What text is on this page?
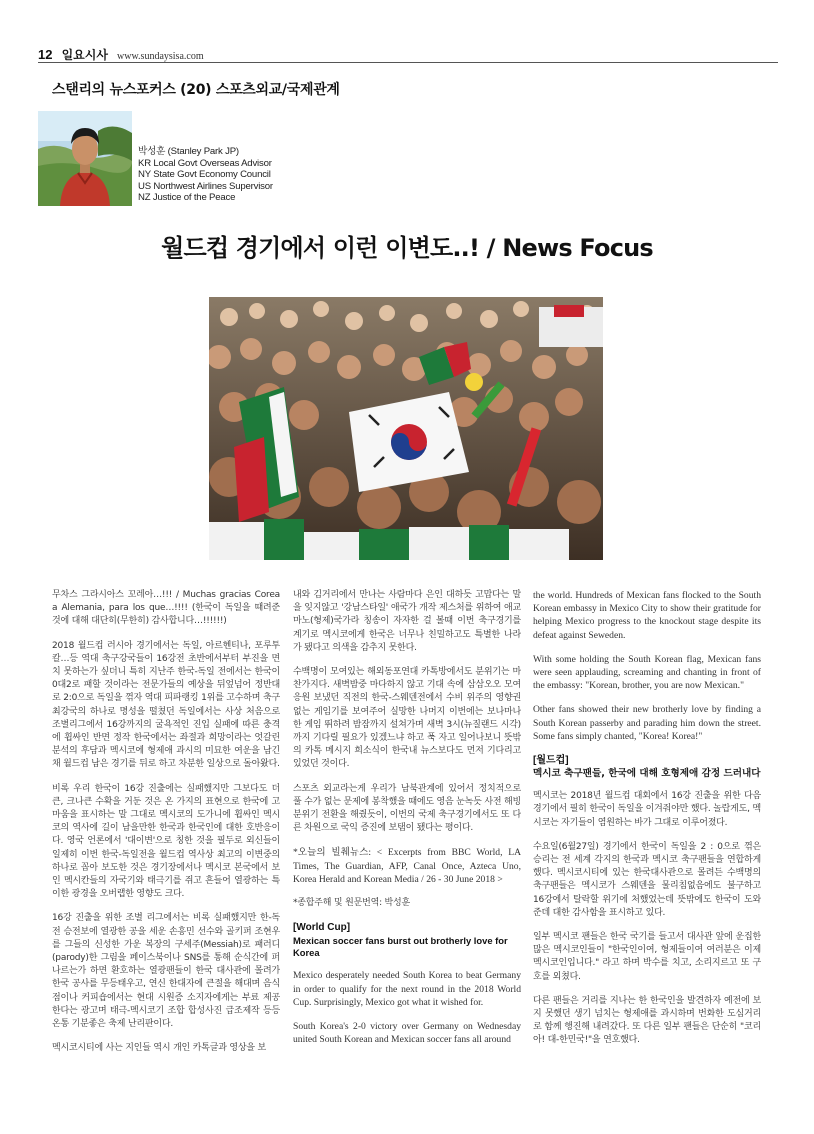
12 일요시사 www.sundaysisa.com
스탠리의 뉴스포커스 (20) 스포츠외교/국제관계
박성훈 (Stanley Park JP)
KR Local Govt Overseas Advisor
NY State Govt Economy Council
US Northwest Airlines Supervisor
NZ Justice of the Peace
월드컵 경기에서 이런 이변도..! / News Focus

무차스 그라시아스 꼬레아…!!! / Muchas gracias Corea a Alemania, para los que…!!!! (한국이 독일을 때려준 것에 대해 대단히(무한히) 감사합니다…!!!!!!)

2018 월드컵 러시아 경기에서는 독일, 아르헨티나, 포루투칼…등 역대 축구강국들이 16강전 초반에서부터 부진을 면치 못하는가 싶더니 특히 지난주 한국-독일 전에서는 한국이 0대2로 패할 것이라는 전문가들의 예상을 뒤엎넘어 정반대로 2:0으로 독일을 꺾자 역대 피파랭킹 1위를 고수하며 축구 최강국의 하나로 명성을 떨쳤던 독일에서는 사상 처음으로 조별리그에서 16강까지의 굴욕적인 진입 실패에 따른 충격에 휩싸인 반면 정작 한국에서는 좌절과 희망이라는 엇갈린 분석의 후담과 멕시코에 형제애 과시의 미묘한 여운을 남긴채 월드컵 남은 경기를 뒤로 하고 차분한 일상으로 돌아왔다.

비록 우리 한국이 16강 진출에는 실패했지만 그보다도 더 큰, 크나큰 수확을 거둔 것은 온 가지의 표현으로 한국에 고마움을 표시하는 말 그대로 멕시코의 도가니에 휩싸인 멕시코의 역사에 길이 남을만한 한국과 한국인에 대한 호반응이다. 영국 언론에서 '대이변'으로 칭한 것을 필두로 외신들이 일제히 이번 한국-독일전을 월드컵 역사상 최고의 이변중의 하나로 꼽아 보도한 것은 경기장에서나 멕시코 본국에서 보인 멕시칸들의 자국기와 태극기를 쥐고 흔들어 열광하는 특이한 광경을 오버랩한 영향도 크다.

16강 진출을 위한 조별 리그에서는 비록 실패했지만 한-독전 승전보에 열광한 공을 세운 손흥민 선수와 골키퍼 조현우를 그들의 신성한 가운 복장의 구세주(Messiah)로 패러디(parody)한 그림을 페이스북이나 SNS를 통해 순식간에 퍼나르는가 하면 환호하는 열광팬들이 한국 대사관에 몰려가 한국 공사를 무등태우고, 연신 한대자에 큰절을 해대며 음식점이나 커피숍에서는 현대 시원증 소지자에게는 부료 제공한다는 광고며 태극-멕시코기 조합 합성사진 급조제작 등등 온통 기분좋은 축제 난리판이다.

멕시코시티에 사는 지인들 역시 개인 카톡글과 영상을 보

내와 김거리에서 만나는 사람마다 은인 대하듯 고맙다는 말을 잊지않고 '강남스타일' 애국가 개작 제스처를 위하여 애교마노(형제)국가라 칭송이 자자한 걸 볼때 이번 축구경기를 계기로 멕시코에게 한국은 너무나 친밀하고도 특별한 나라가 됐다고 의색을 감추지 못한다.

수백명이 모여있는 해외동포연대 카톡방에서도 분위기는 마찬가지다. 새벽밤중 마다하지 않고 기대 속에 삼삼오오 모여 응원 보냈던 직전의 한국-스웨덴전에서 수비 위주의 영향권없는 게임기를 보여주어 실망한 나머지 이번에는 보나마나 한 게임 뛰하려 밤잠까지 설쳐가며 새벽 3시(뉴질랜드 시각)까지 기다릴 필요가 있겠느냐 하고 푹 자고 일어나보니 뜻밖의 카톡 메시지 희소식이 한국내 뉴스보다도 먼저 기다리고 있었던 것이다.

스포츠 외교라는게 우리가 남북관계에 있어서 정치적으로 풀 수가 없는 문제에 봉착했을 때에도 영음 눈녹듯 사전 해빙분위기 전환을 해줬듯이, 이번의 국제 축구경기에서도 또 다른 차원으로 국익 증진에 보탬이 됐다는 평이다.

*오늘의 빌췌뉴스: < Excerpts from BBC World, LA Times, The Guardian, AFP, Canal Once, Azteca Uno, Korea Herald and Korean Media / 26 - 30 June 2018 >

*종합주해 및 원문번역: 박성훈

[World Cup]
Mexican soccer fans burst out brotherly love for Korea

Mexico desperately needed South Korea to beat Germany in order to qualify for the next round in the 2018 World Cup. Surprisingly, Mexico got what it wished for.

South Korea's 2-0 victory over Germany on Wednesday united South Korean and Mexican soccer fans all around

the world. Hundreds of Mexican fans flocked to the South Korean embassy in Mexico City to show their gratitude for helping Mexico progress to the knockout stage despite its defeat against Seweden.

With some holding the South Korean flag, Mexican fans were seen applauding, screaming and chanting in front of the embassy: "Korean, brother, you are now Mexican."

Other fans showed their new brotherly love by finding a South Korean passerby and parading him down the street. Some fans simply chanted, "Korea! Korea!"

[월드컵]
멕시코 축구팬들, 한국에 대해 호형제애 감정 드러내다

멕시코는 2018년 월드컵 대회에서 16강 진출을 위한 다음 경기에서 필히 한국이 독일을 이겨줘야만 했다. 놀랍게도, 멕시코는 자기들이 염원하는 바가 그대로 이루어졌다.

수요일(6월27일) 경기에서 한국이 독일을 2 : 0으로 꺾은 승리는 전 세계 각지의 한국과 멕시코 축구팬들을 연합하게 했다. 멕시코시티에 있는 한국대사관으로 몰려든 수백명의 축구팬들은 멕시코가 스웨덴을 물리침없음에도 불구하고 16강에서 탈락할 위기에 처했었는데 뜻밖에도 한국이 도와준데 대한 감사함을 표시하고 있다.

일부 멕시코 팬들은 한국 국기를 들고서 대사관 앞에 운집한 많은 멕시코인들이 "한국인이여, 형제들이여 여러분은 이제 멕시코인입니다." 라고 하며 박수를 치고, 소리지르고 또 구호를 외쳤다.

다른 팬들은 거리를 지나는 한 한국인을 발견하자 예전에 보지 못했던 생기 넘치는 형제애를 과시하며 번화한 도심거리로 함께 행진해 내려갔다. 또 다른 일부 팬들은 단순히 "코리아! 대-한민국!"을 연호했다.
